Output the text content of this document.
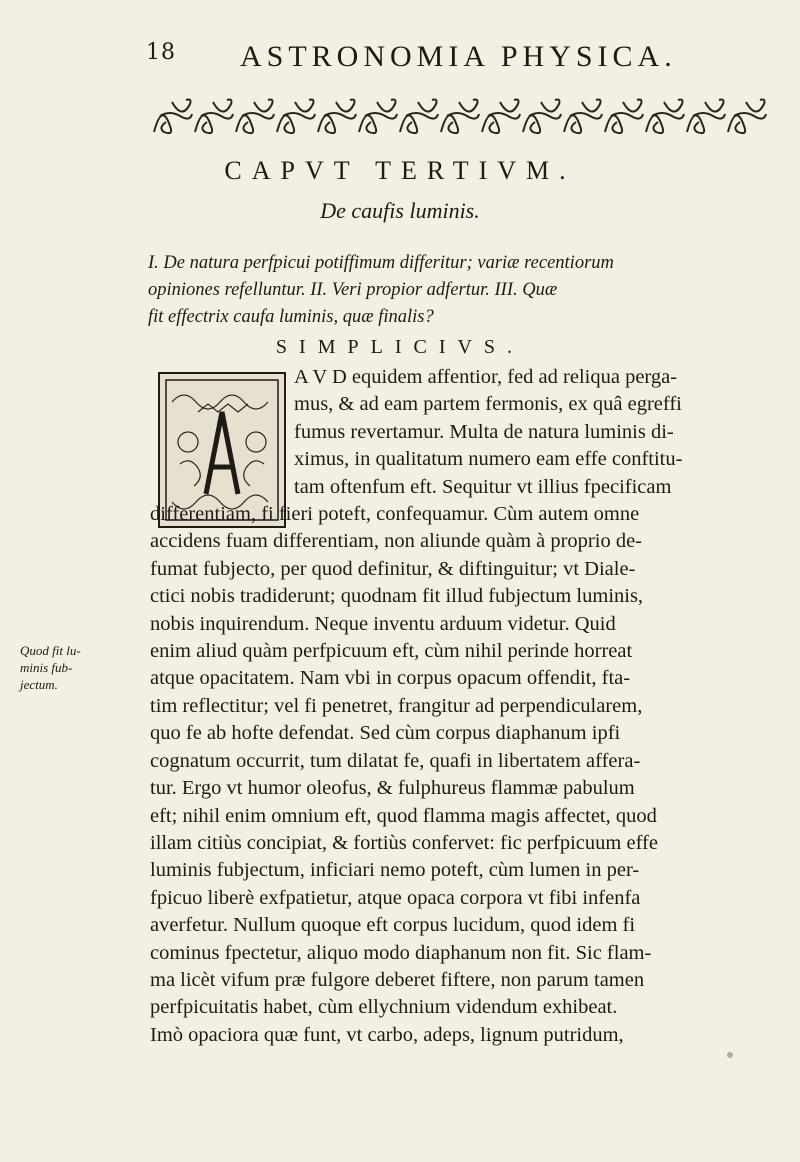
18 ASTRONOMIA PHYSICA.
CAPVT TERTIVM.
De caufis luminis.
I. De natura perfpicui potiffimum differitur; variæ recentiorum
opiniones refelluntur. II. Veri propior adfertur. III. Quæ
fit effectrix caufa luminis, quæ finalis?
SIMPLICIVS.
A	A V D equidem affentior, fed ad reliqua perga-
mus, & ad eam partem fermonis, ex quâ egreffi
fumus revertamur. Multa de natura luminis di-
ximus, in qualitatum numero eam effe conftitu-
tam oftenfum eft. Sequitur vt illius fpecificam
differentiam, fi fieri poteft, confequamur. Cùm autem omne
accidens fuam differentiam, non aliunde quàm à proprio de-
fumat fubjecto, per quod definitur, & diftinguitur; vt Diale-
ctici nobis tradiderunt; quodnam fit illud fubjectum luminis,
nobis inquirendum. Neque inventu arduum videtur. Quid
enim aliud quàm perfpicuum eft, cùm nihil perinde horreat
atque opacitatem. Nam vbi in corpus opacum offendit, fta-
tim reflectitur; vel fi penetret, frangitur ad perpendicularem,
quo fe ab hofte defendat. Sed cùm corpus diaphanum ipfi
cognatum occurrit, tum dilatat fe, quafi in libertatem affera-
tur. Ergo vt humor oleofus, & fulphureus flammæ pabulum
eft; nihil enim omnium eft, quod flamma magis affectet, quod
illam citiùs concipiat, & fortiùs confervet: fic perfpicuum effe
luminis fubjectum, inficiari nemo poteft, cùm lumen in per-
fpicuo liberè exfpatietur, atque opaca corpora vt fibi infenfa
averfetur. Nullum quoque eft corpus lucidum, quod idem fi
cominus fpectetur, aliquo modo diaphanum non fit. Sic flam-
ma licèt vifum præ fulgore deberet fiftere, non parum tamen
perfpicuitatis habet, cùm ellychnium videndum exhibeat.
Imò opaciora quæ funt, vt carbo, adeps, lignum putridum,
Quod fit lu-
minis fub-
jectum.
